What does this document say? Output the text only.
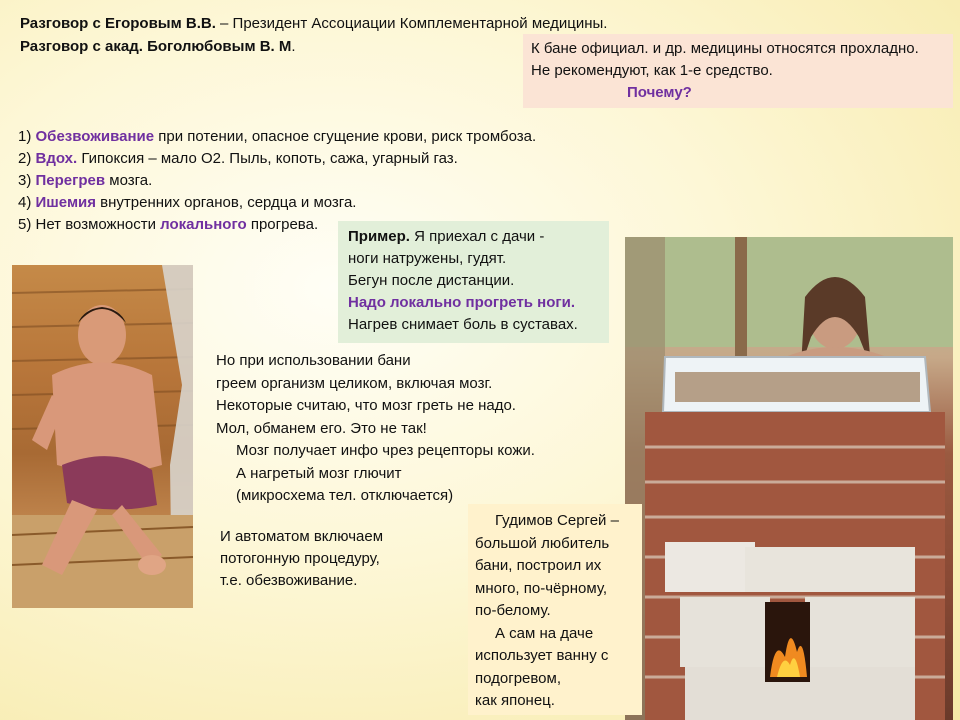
Разговор с Егоровым В.В. – Президент Ассоциации Комплементарной медицины.
Разговор с акад. Боголюбовым В. М.	К бане официал. и др. медицины относятся прохладно.
Не рекомендуют, как 1-е средство.
Почему?
1) Обезвоживание при потении, опасное сгущение крови, риск тромбоза.
2) Вдох. Гипоксия – мало О2. Пыль, копоть, сажа, угарный газ.
3) Перегрев мозга.
4) Ишемия внутренних органов, сердца и мозга.
5) Нет возможности локального прогрева.
Пример. Я приехал с дачи -
ноги натружены, гудят.
Бегун после дистанции.
Надо локально прогреть ноги.
Нагрев снимает боль в суставах.
Но при использовании бани
греем организм целиком, включая мозг.
Некоторые считаю, что мозг греть не надо.
Мол, обманем его. Это не так!
Мозг получает инфо чрез рецепторы кожи.
А нагретый мозг глючит
(микросхема тел. отключается)
И автоматом включаем
потогонную процедуру,
т.е. обезвоживание.
Гудимов Сергей –
большой любитель
бани, построил их
много, по-чёрному,
по-белому.
А сам на даче
использует ванну с
подогревом,
как японец.
